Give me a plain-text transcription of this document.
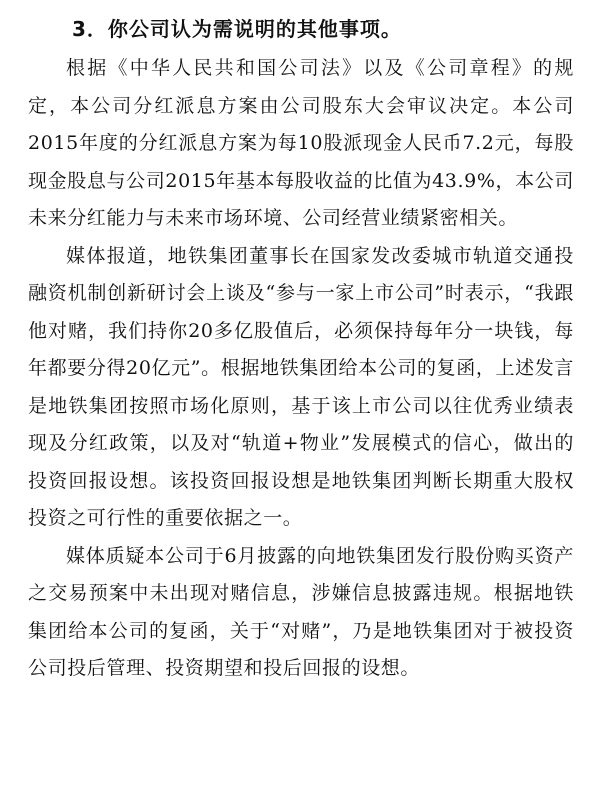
3．你公司认为需说明的其他事项。

根据《中华人民共和国公司法》以及《公司章程》的规定，本公司分红派息方案由公司股东大会审议决定。本公司2015年度的分红派息方案为每10股派现金人民币7.2元，每股现金股息与公司2015年基本每股收益的比值为43.9%，本公司未来分红能力与未来市场环境、公司经营业绩紧密相关。

媒体报道，地铁集团董事长在国家发改委城市轨道交通投融资机制创新研讨会上谈及“参与一家上市公司”时表示，“我跟他对赌，我们持你20多亿股值后，必须保持每年分一块钱，每年都要分得20亿元”。根据地铁集团给本公司的复函，上述发言是地铁集团按照市场化原则，基于该上市公司以往优秀业绩表现及分红政策，以及对“轨道+物业”发展模式的信心，做出的投资回报设想。该投资回报设想是地铁集团判断长期重大股权投资之可行性的重要依据之一。

媒体质疑本公司于6月披露的向地铁集团发行股份购买资产之交易预案中未出现对赌信息，涉嫌信息披露违规。根据地铁集团给本公司的复函，关于“对赌”，乃是地铁集团对于被投资公司投后管理、投资期望和投后回报的设想。
